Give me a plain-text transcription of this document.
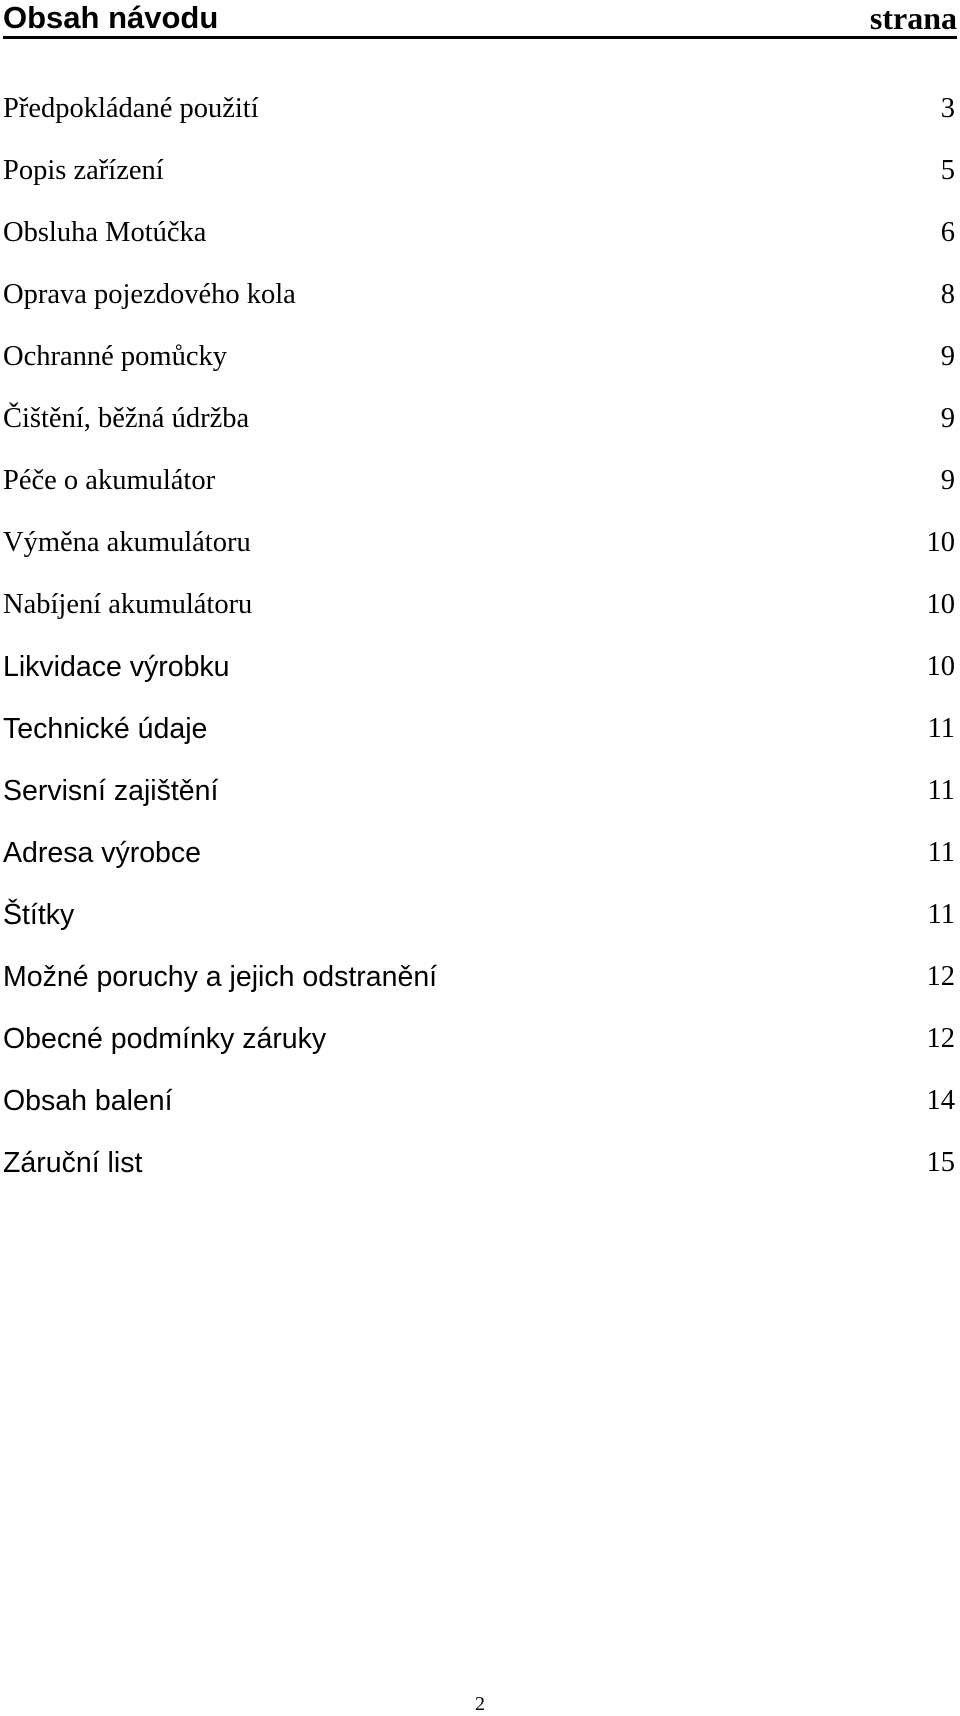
Obsah návodu	strana
Předpokládané použití	3
Popis zařízení	5
Obsluha Motúčka	6
Oprava pojezdového kola	8
Ochranné pomůcky	9
Čištění, běžná údržba	9
Péče o akumulátor	9
Výměna akumulátoru	10
Nabíjení akumulátoru	10
Likvidace výrobku	10
Technické údaje	11
Servisní zajištění	11
Adresa výrobce	11
Štítky	11
Možné poruchy a jejich odstranění	12
Obecné podmínky záruky	12
Obsah balení	14
Záruční list	15
2
